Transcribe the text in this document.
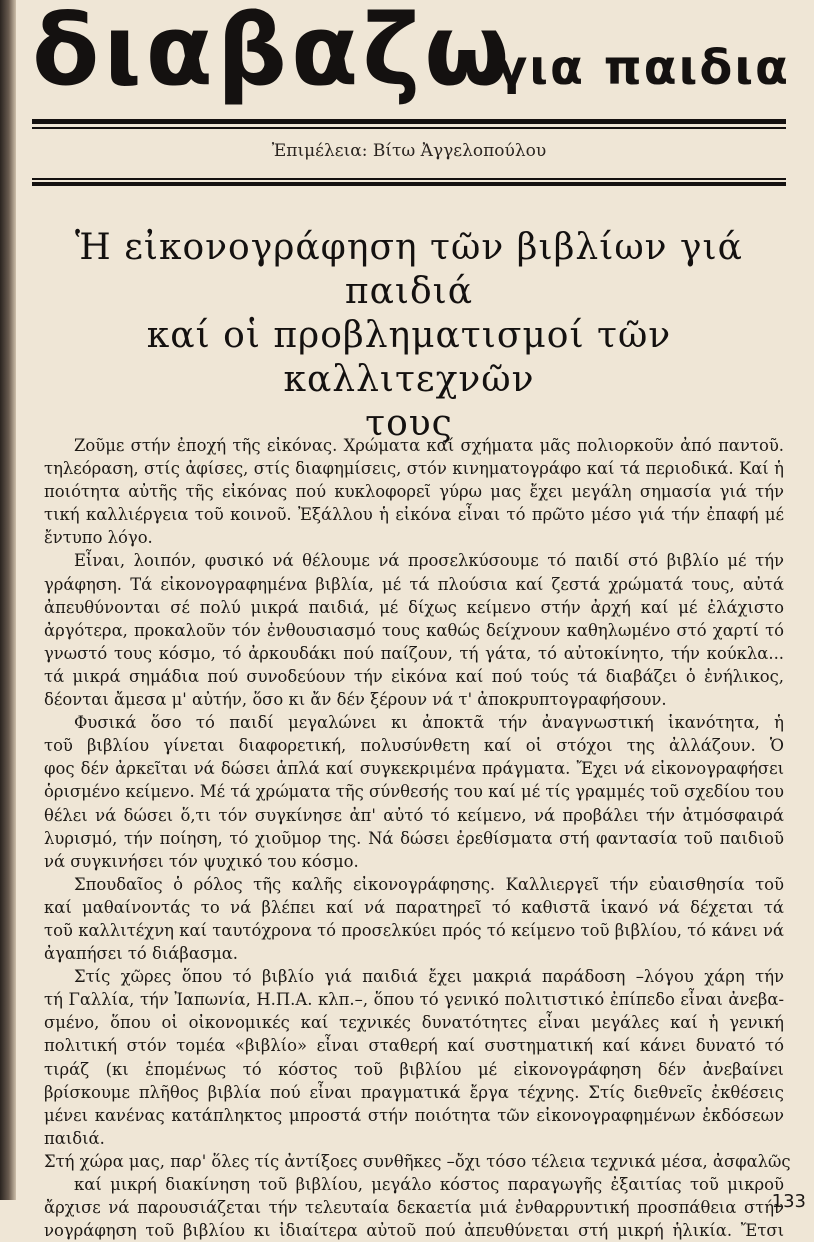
διαβαζω
για παιδια
Ἐπιμέλεια: Βίτω Ἀγγελοπούλου
Ἡ εἰκονογράφηση τῶν βιβλίων γιά
παιδιά
καί οἱ προβληματισμοί τῶν καλλιτεχνῶν
τους
Ζοῦμε στήν ἐποχή τῆς εἰκόνας. Χρώματα καί σχήματα μᾶς πολιορκοῦν ἀπό παντοῦ.
τηλεόραση, στίς ἀφίσες, στίς διαφημίσεις, στόν κινηματογράφο καί τά περιοδικά. Καί ἡ
ποιότητα αὐτῆς τῆς εἰκόνας πού κυκλοφορεῖ γύρω μας ἔχει μεγάλη σημασία γιά τήν
τική καλλιέργεια τοῦ κοινοῦ. Ἐξάλλου ἡ εἰκόνα εἶναι τό πρῶτο μέσο γιά τήν ἐπαφή μέ
ἔντυπο λόγο.
Εἶναι, λοιπόν, φυσικό νά θέλουμε νά προσελκύσουμε τό παιδί στό βιβλίο μέ τήν
γράφηση. Τά εἰκονογραφημένα βιβλία, μέ τά πλούσια καί ζεστά χρώματά τους, αὐτά
ἀπευθύνονται σέ πολύ μικρά παιδιά, μέ δίχως κείμενο στήν ἀρχή καί μέ ἐλάχιστο
ἀργότερα, προκαλοῦν τόν ἐνθουσιασμό τους καθώς δείχνουν καθηλωμένο στό χαρτί τό
γνωστό τους κόσμο, τό ἀρκουδάκι πού παίζουν, τή γάτα, τό αὐτοκίνητο, τήν κούκλα...
τά μικρά σημάδια πού συνοδεύουν τήν εἰκόνα καί πού τούς τά διαβάζει ὁ ἐνήλικος,
δέονται ἄμεσα μ' αὐτήν, ὅσο κι ἄν δέν ξέρουν νά τ' ἀποκρυπτογραφήσουν.
Φυσικά ὅσο τό παιδί μεγαλώνει κι ἀποκτᾶ τήν ἀναγνωστική ἱκανότητα, ἡ
τοῦ βιβλίου γίνεται διαφορετική, πολυσύνθετη καί οἱ στόχοι της ἀλλάζουν. Ὁ
φος δέν ἀρκεῖται νά δώσει ἁπλά καί συγκεκριμένα πράγματα. Ἔχει νά εἰκονογραφήσει
ὁρισμένο κείμενο. Μέ τά χρώματα τῆς σύνθεσής του καί μέ τίς γραμμές τοῦ σχεδίου του
θέλει νά δώσει ὅ,τι τόν συγκίνησε ἀπ' αὐτό τό κείμενο, νά προβάλει τήν ἀτμόσφαιρά
λυρισμό, τήν ποίηση, τό χιοῦμορ της. Νά δώσει ἐρεθίσματα στή φαντασία τοῦ παιδιοῦ
νά συγκινήσει τόν ψυχικό του κόσμο.
Σπουδαῖος ὁ ρόλος τῆς καλῆς εἰκονογράφησης. Καλλιεργεῖ τήν εὐαισθησία τοῦ
καί μαθαίνοντάς το νά βλέπει καί νά παρατηρεῖ τό καθιστᾶ ἱκανό νά δέχεται τά
τοῦ καλλιτέχνη καί ταυτόχρονα τό προσελκύει πρός τό κείμενο τοῦ βιβλίου, τό κάνει νά
ἀγαπήσει τό διάβασμα.
Στίς χῶρες ὅπου τό βιβλίο γιά παιδιά ἔχει μακριά παράδοση –λόγου χάρη τήν
τή Γαλλία, τήν Ἰαπωνία, Η.Π.Α. κλπ.–, ὅπου τό γενικό πολιτιστικό ἐπίπεδο εἶναι ἀνεβα-
σμένο, ὅπου οἱ οἰκονομικές καί τεχνικές δυνατότητες εἶναι μεγάλες καί ἡ γενική
πολιτική στόν τομέα «βιβλίο» εἶναι σταθερή καί συστηματική καί κάνει δυνατό τό
τιράζ (κι ἑπομένως τό κόστος τοῦ βιβλίου μέ εἰκονογράφηση δέν ἀνεβαίνει
βρίσκουμε πλῆθος βιβλία πού εἶναι πραγματικά ἔργα τέχνης. Στίς διεθνεῖς ἐκθέσεις
μένει κανένας κατάπληκτος μπροστά στήν ποιότητα τῶν εἰκονογραφημένων ἐκδόσεων
παιδιά.
Στή χώρα μας, παρ' ὅλες τίς ἀντίξοες συνθῆκες –ὄχι τόσο τέλεια τεχνικά μέσα, ἀσφαλῶς
καί μικρή διακίνηση τοῦ βιβλίου, μεγάλο κόστος παραγωγῆς ἐξαιτίας τοῦ μικροῦ
ἄρχισε νά παρουσιάζεται τήν τελευταία δεκαετία μιά ἐνθαρρυντική προσπάθεια στήν
νογράφηση τοῦ βιβλίου κι ἰδιαίτερα αὐτοῦ πού ἀπευθύνεται στή μικρή ἡλικία. Ἔτσι
133
